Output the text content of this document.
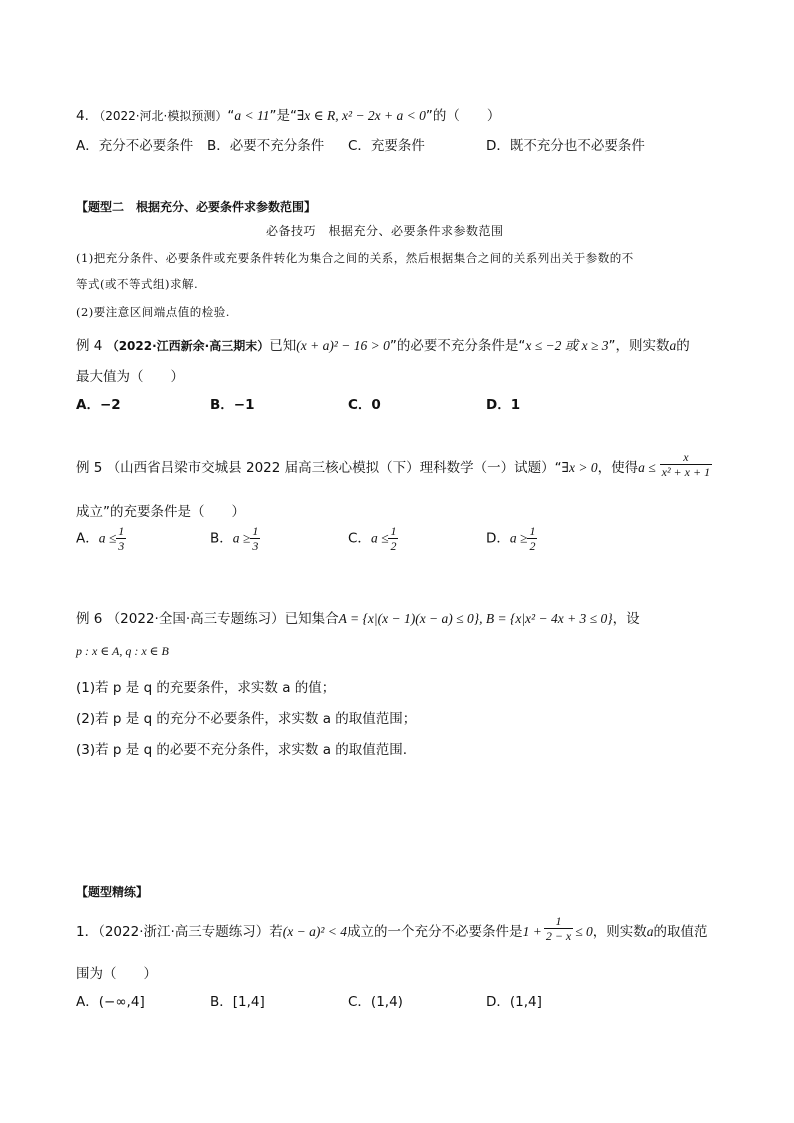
4. （2022·河北·模拟预测）“a < 11”是“∃x ∈ R, x² − 2x + a < 0”的（　　）
A．充分不必要条件 B．必要不充分条件 C．充要条件	D．既不充分也不必要条件
【题型二　根据充分、必要条件求参数范围】
必备技巧　根据充分、必要条件求参数范围
(1)把充分条件、必要条件或充要条件转化为集合之间的关系，然后根据集合之间的关系列出关于参数的不
等式(或不等式组)求解.
(2)要注意区间端点值的检验.
例 4 （2022·江西新余·高三期末）已知(x + a)² − 16 > 0”的必要不充分条件是“x ≤ −2 或 x ≥ 3”，则实数a的
最大值为（　　）
A．−2	B．−1	C．0	D．1
例 5 （山西省吕梁市交城县 2022 届高三核心模拟（下）理科数学（一）试题）“∃x > 0，使得$a \le \frac{x}{\text{x² + x + 1}}$
成立”的充要条件是（　　）
A．$a \le \frac{1}{3}$	B．$a \ge \frac{1}{3}$	C．$a \le \frac{1}{2}$	D．$a \ge \frac{1}{2}$
例 6 （2022·全国·高三专题练习）已知集合A = {x|(x − 1)(x − a) ≤ 0}, B = {x|x² − 4x + 3 ≤ 0}，设
p : x ∈ A, q : x ∈ B
(1)若 p 是 q 的充要条件，求实数 a 的值；
(2)若 p 是 q 的充分不必要条件，求实数 a 的取值范围；
(3)若 p 是 q 的必要不充分条件，求实数 a 的取值范围.
【题型精练】
1．（2022·浙江·高三专题练习）若(x − a)² < 4成立的一个充分不必要条件是$1 + \frac{1}{2 - x} \le 0$，则实数a的取值范
围为（　　）
A．(−∞,4]	B．[1,4]	C．(1,4)	D．(1,4]
